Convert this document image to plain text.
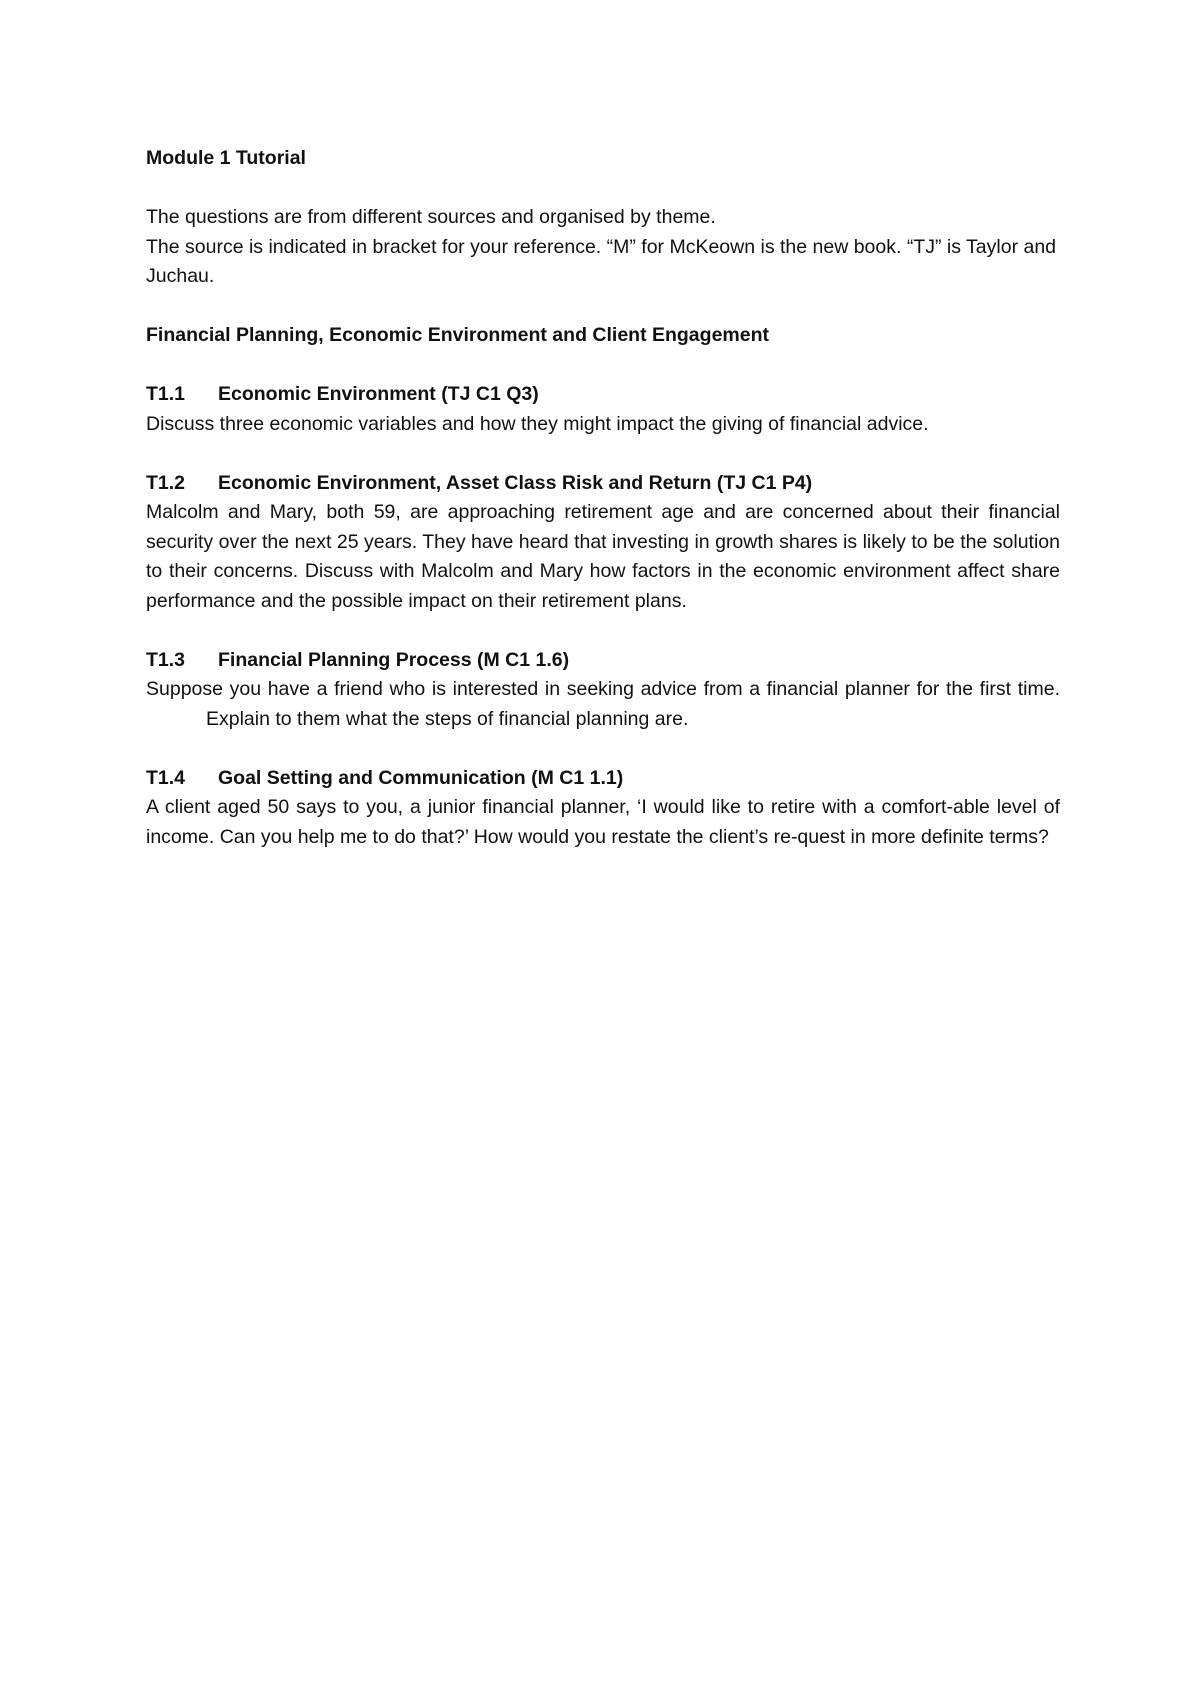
Module 1 Tutorial

The questions are from different sources and organised by theme.

The source is indicated in bracket for your reference. “M” for McKeown is the new book. “TJ” is Taylor and Juchau.

Financial Planning, Economic Environment and Client Engagement

T1.1	Economic Environment (TJ C1 Q3)

Discuss three economic variables and how they might impact the giving of financial advice.

T1.2	Economic Environment, Asset Class Risk and Return (TJ C1 P4)

Malcolm and Mary, both 59, are approaching retirement age and are concerned about their financial security over the next 25 years. They have heard that investing in growth shares is likely to be the solution to their concerns. Discuss with Malcolm and Mary how factors in the economic environment affect share performance and the possible impact on their retirement plans.

T1.3	Financial Planning Process (M C1 1.6)

Suppose you have a friend who is interested in seeking advice from a financial planner for the first time. Explain to them what the steps of financial planning are.

T1.4	Goal Setting and Communication (M C1 1.1)

A client aged 50 says to you, a junior financial planner, ‘I would like to retire with a comfort-able level of income. Can you help me to do that?’ How would you restate the client’s re-quest in more definite terms?
